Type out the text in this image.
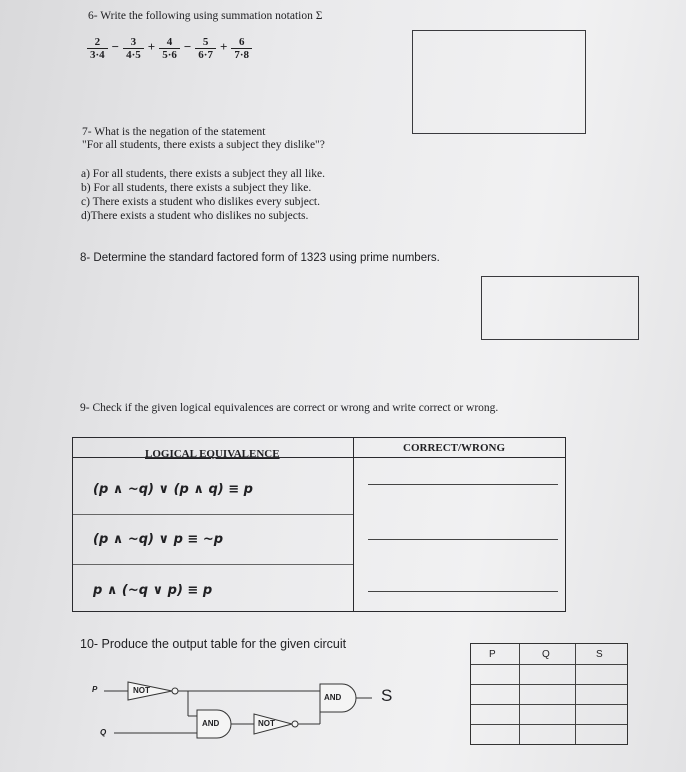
6- Write the following using summation notation Σ
$\frac{2}{3\cdot 4} - \frac{3}{4\cdot 5} + \frac{4}{5\cdot 6} - \frac{5}{6\cdot 7} + \frac{6}{7\cdot 8}$
7- What is the negation of the statement
"For all students, there exists a subject they dislike"?
a) For all students, there exists a subject they all like.
b) For all students, there exists a subject they like.
c) There exists a student who dislikes every subject.
d)There exists a student who dislikes no subjects.
8- Determine the standard factored form of 1323 using prime numbers.
9- Check if the given logical equivalences are correct or wrong and write correct or wrong.
LOGICAL EQUIVALENCE	CORRECT/WRONG
(p ∧ ~q) ∨ (p ∧ q) ≡ p
(p ∧ ~q) ∨ p ≡ ~p
p ∧ (~q ∨ p) ≡ p
10- Produce the output table for the given circuit
P
Q
NOT
AND	NOT
AND S
P	Q	S
